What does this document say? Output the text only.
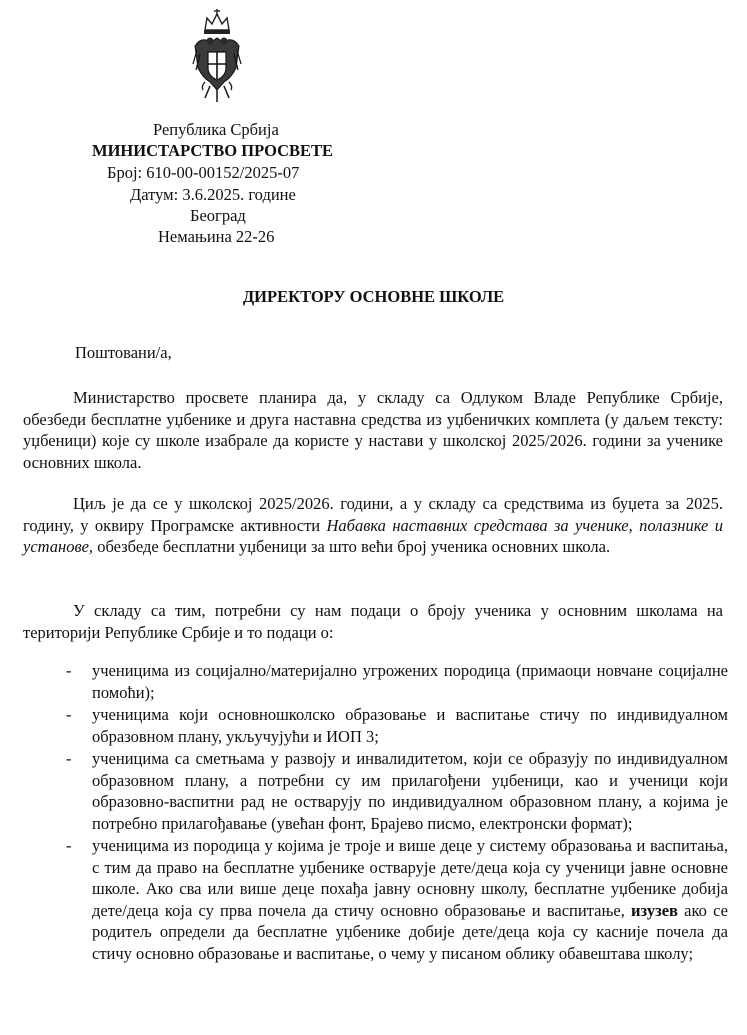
Република Србија
МИНИСТАРСТВО ПРОСВЕТЕ
Број: 610-00-00152/2025-07
Датум: 3.6.2025. године
Београд
Немањина 22-26
ДИРЕКТОРУ ОСНОВНЕ ШКОЛЕ
Поштовани/а,

Министарство просвете планира да, у складу са Одлуком Владе Републике Србије, обезбеди бесплатне уџбенике и друга наставна средства из уџбеничких комплета (у даљем тексту: уџбеници) које су школе изабрале да користе у настави у школској 2025/2026. години за ученике основних школа.

Циљ је да се у школској 2025/2026. години, а у складу са средствима из буџета за 2025. годину, у оквиру Програмске активности Набавка наставних средстава за ученике, полазнике и установе, обезбеде бесплатни уџбеници за што већи број ученика основних школа.

У складу са тим, потребни су нам подаци о броју ученика у основним школама на територији Републике Србије и то подаци о:

- ученицима из социјално/материјално угрожених породица (примаоци новчане социјалне помоћи);
- ученицима који основношколско образовање и васпитање стичу по индивидуалном образовном плану, укључујући и ИОП 3;
- ученицима са сметњама у развоју и инвалидитетом, који се образују по индивидуалном образовном плану, а потребни су им прилагођени уџбеници, као и ученици који образовно-васпитни рад не остварују по индивидуалном образовном плану, а којима је потребно прилагођавање (увећан фонт, Брајево писмо, електронски формат);
- ученицима из породица у којима је троје и више деце у систему образовања и васпитања, с тим да право на бесплатне уџбенике остварује дете/деца која су ученици јавне основне школе. Ако сва или више деце похађа јавну основну школу, бесплатне уџбенике добија дете/деца која су прва почела да стичу основно образовање и васпитање, изузев ако се родитељ определи да бесплатне уџбенике добије дете/деца која су касније почела да стичу основно образовање и васпитање, о чему у писаном облику обавештава школу;
